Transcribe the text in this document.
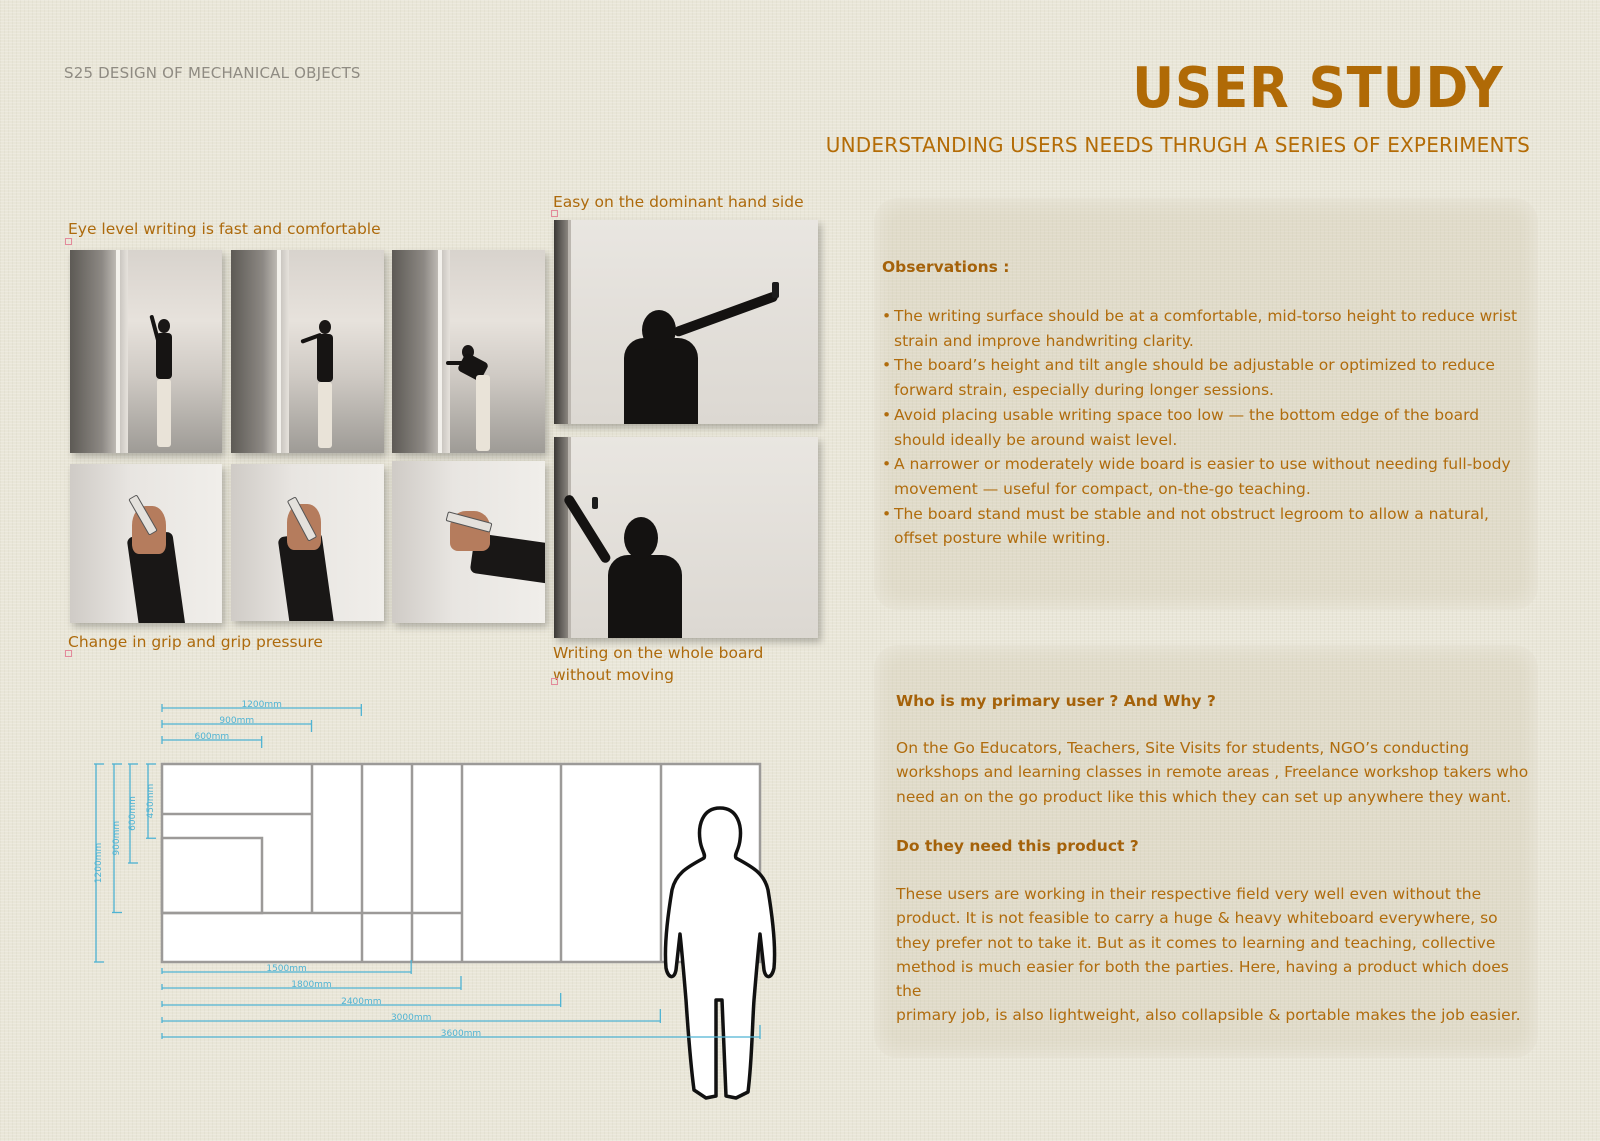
S25 DESIGN OF MECHANICAL OBJECTS	USER STUDY
UNDERSTANDING USERS NEEDS THRUGH A SERIES OF EXPERIMENTS
Eye level writing is fast and comfortable
Easy on the dominant hand side
Change in grip and grip pressure
Writing on the whole board
without moving
Observations :
• The writing surface should be at a comfortable, mid-torso height to reduce wrist
strain and improve handwriting clarity.
• The board’s height and tilt angle should be adjustable or optimized to reduce
forward strain, especially during longer sessions.
• Avoid placing usable writing space too low — the bottom edge of the board
should ideally be around waist level.
• A narrower or moderately wide board is easier to use without needing full-body
movement — useful for compact, on-the-go teaching.
• The board stand must be stable and not obstruct legroom to allow a natural,
offset posture while writing.
Who is my primary user ? And Why ?
On the Go Educators, Teachers, Site Visits for students, NGO’s conducting
workshops and learning classes in remote areas , Freelance workshop takers who
need an on the go product like this which they can set up anywhere they want.
Do they need this product ?
These users are working in their respective field very well even without the
product. It is not feasible to carry a huge & heavy whiteboard everywhere, so
they prefer not to take it. But as it comes to learning and teaching, collective
method is much easier for both the parties. Here, having a product which does the
primary job, is also lightweight, also collapsible & portable makes the job easier.
1200mm
900mm
600mm
1200mm
900mm
600mm 450mm
1500mm
1800mm
2400mm
3000mm
3600mm
